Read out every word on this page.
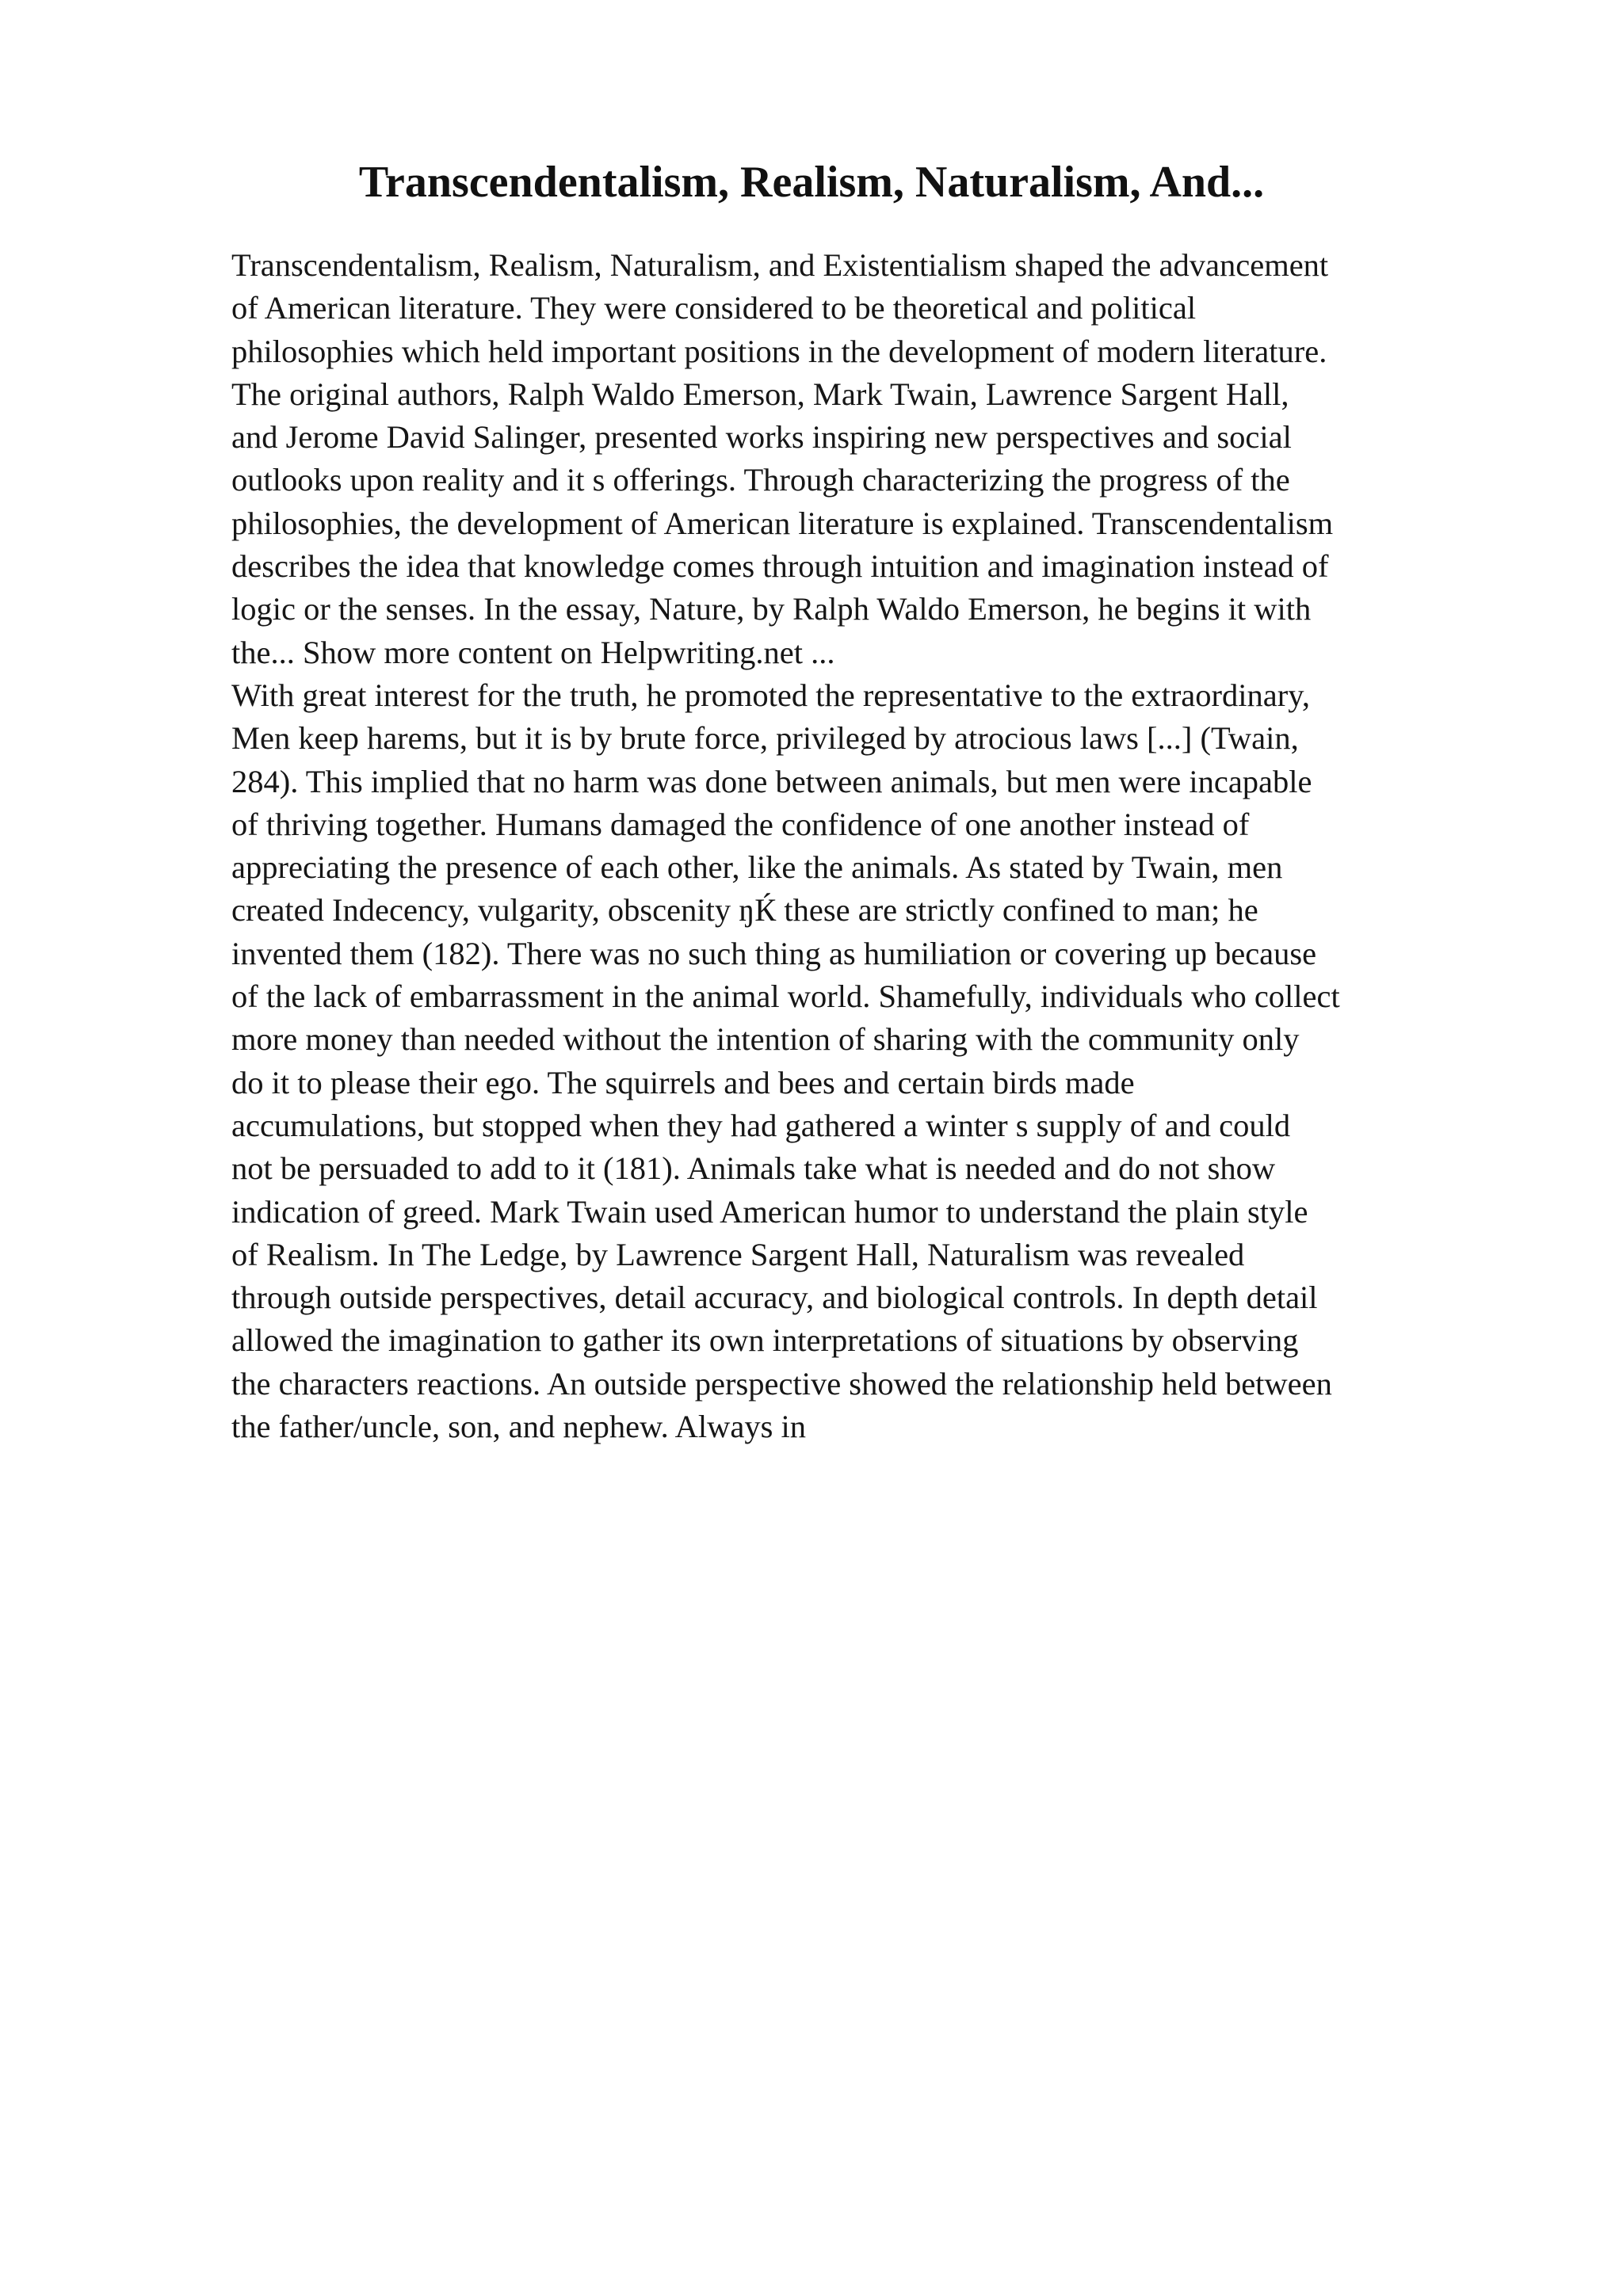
Transcendentalism, Realism, Naturalism, And...
Transcendentalism, Realism, Naturalism, and Existentialism shaped the advancement
of American literature. They were considered to be theoretical and political
philosophies which held important positions in the development of modern literature.
The original authors, Ralph Waldo Emerson, Mark Twain, Lawrence Sargent Hall,
and Jerome David Salinger, presented works inspiring new perspectives and social
outlooks upon reality and it s offerings. Through characterizing the progress of the
philosophies, the development of American literature is explained. Transcendentalism
describes the idea that knowledge comes through intuition and imagination instead of
logic or the senses. In the essay, Nature, by Ralph Waldo Emerson, he begins it with
the... Show more content on Helpwriting.net ...
With great interest for the truth, he promoted the representative to the extraordinary,
Men keep harems, but it is by brute force, privileged by atrocious laws [...] (Twain,
284). This implied that no harm was done between animals, but men were incapable
of thriving together. Humans damaged the confidence of one another instead of
appreciating the presence of each other, like the animals. As stated by Twain, men
created Indecency, vulgarity, obscenity ŋЌ these are strictly confined to man; he
invented them (182). There was no such thing as humiliation or covering up because
of the lack of embarrassment in the animal world. Shamefully, individuals who collect
more money than needed without the intention of sharing with the community only
do it to please their ego. The squirrels and bees and certain birds made
accumulations, but stopped when they had gathered a winter s supply of and could
not be persuaded to add to it (181). Animals take what is needed and do not show
indication of greed. Mark Twain used American humor to understand the plain style
of Realism. In The Ledge, by Lawrence Sargent Hall, Naturalism was revealed
through outside perspectives, detail accuracy, and biological controls. In depth detail
allowed the imagination to gather its own interpretations of situations by observing
the characters reactions. An outside perspective showed the relationship held between
the father/uncle, son, and nephew. Always in
